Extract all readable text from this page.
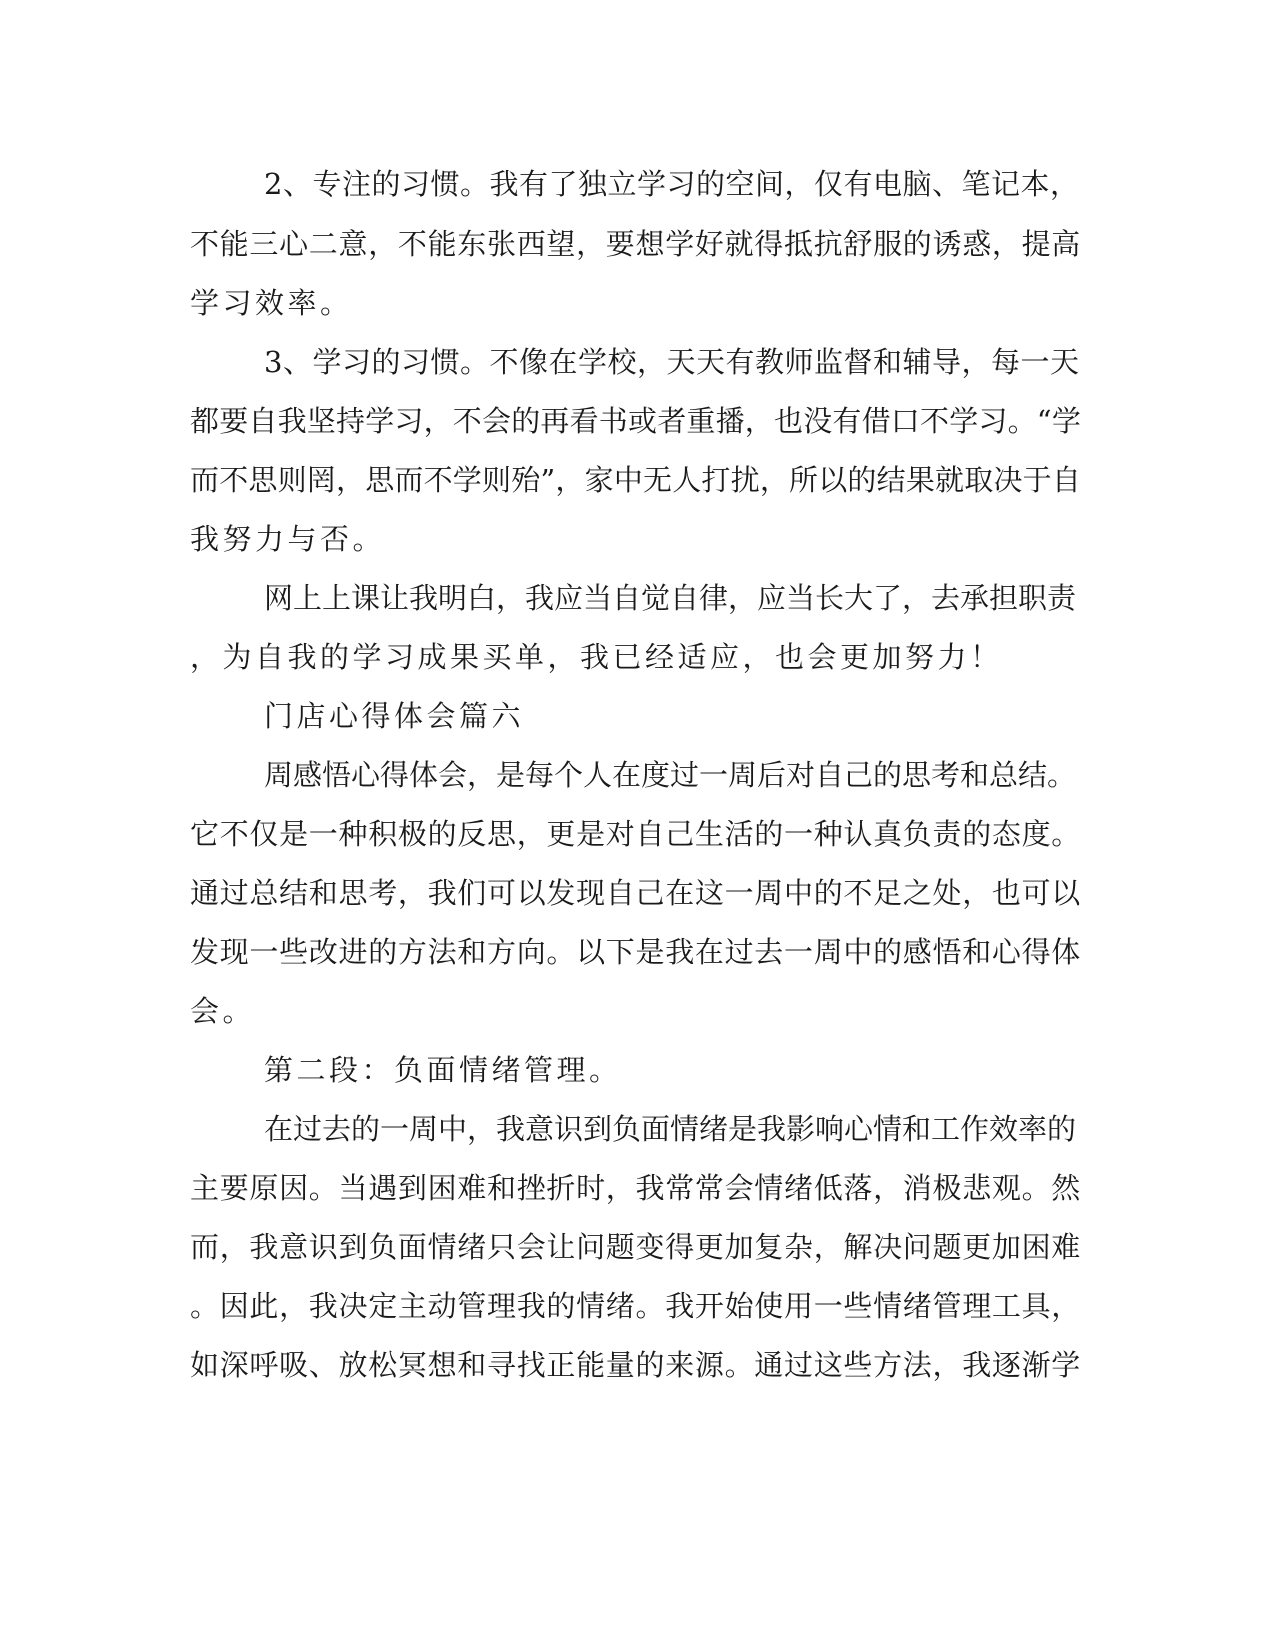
2、专注的习惯。我有了独立学习的空间，仅有电脑、笔记本，
不能三心二意，不能东张西望，要想学好就得抵抗舒服的诱惑，提高
学习效率。
3、学习的习惯。不像在学校，天天有教师监督和辅导，每一天
都要自我坚持学习，不会的再看书或者重播，也没有借口不学习。“学
而不思则罔，思而不学则殆”，家中无人打扰，所以的结果就取决于自
我努力与否。
网上上课让我明白，我应当自觉自律，应当长大了，去承担职责
，为自我的学习成果买单，我已经适应，也会更加努力！
门店心得体会篇六
周感悟心得体会，是每个人在度过一周后对自己的思考和总结。
它不仅是一种积极的反思，更是对自己生活的一种认真负责的态度。
通过总结和思考，我们可以发现自己在这一周中的不足之处，也可以
发现一些改进的方法和方向。以下是我在过去一周中的感悟和心得体
会。
第二段：负面情绪管理。
在过去的一周中，我意识到负面情绪是我影响心情和工作效率的
主要原因。当遇到困难和挫折时，我常常会情绪低落，消极悲观。然
而，我意识到负面情绪只会让问题变得更加复杂，解决问题更加困难
。因此，我决定主动管理我的情绪。我开始使用一些情绪管理工具，
如深呼吸、放松冥想和寻找正能量的来源。通过这些方法，我逐渐学
